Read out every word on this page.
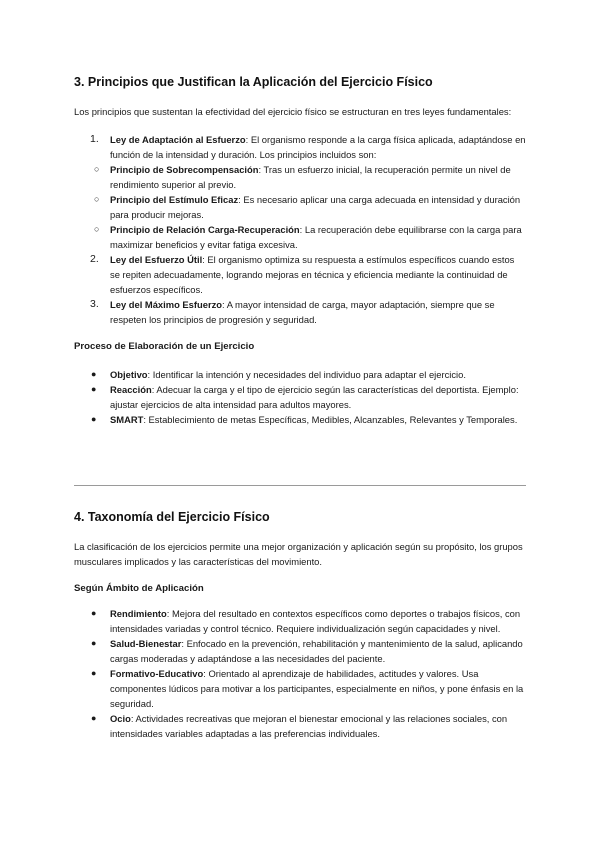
3. Principios que Justifican la Aplicación del Ejercicio Físico

Los principios que sustentan la efectividad del ejercicio físico se estructuran en tres leyes fundamentales:

1. Ley de Adaptación al Esfuerzo: El organismo responde a la carga física aplicada, adaptándose en función de la intensidad y duración. Los principios incluidos son:
○ Principio de Sobrecompensación: Tras un esfuerzo inicial, la recuperación permite un nivel de rendimiento superior al previo.
○ Principio del Estímulo Eficaz: Es necesario aplicar una carga adecuada en intensidad y duración para producir mejoras.
○ Principio de Relación Carga-Recuperación: La recuperación debe equilibrarse con la carga para maximizar beneficios y evitar fatiga excesiva.
2. Ley del Esfuerzo Útil: El organismo optimiza su respuesta a estímulos específicos cuando estos se repiten adecuadamente, logrando mejoras en técnica y eficiencia mediante la continuidad de esfuerzos específicos.
3. Ley del Máximo Esfuerzo: A mayor intensidad de carga, mayor adaptación, siempre que se respeten los principios de progresión y seguridad.
Proceso de Elaboración de un Ejercicio
● Objetivo: Identificar la intención y necesidades del individuo para adaptar el ejercicio.
● Reacción: Adecuar la carga y el tipo de ejercicio según las características del deportista. Ejemplo: ajustar ejercicios de alta intensidad para adultos mayores.
● SMART: Establecimiento de metas Específicas, Medibles, Alcanzables, Relevantes y Temporales.
4. Taxonomía del Ejercicio Físico

La clasificación de los ejercicios permite una mejor organización y aplicación según su propósito, los grupos musculares implicados y las características del movimiento.

Según Ámbito de Aplicación
● Rendimiento: Mejora del resultado en contextos específicos como deportes o trabajos físicos, con intensidades variadas y control técnico. Requiere individualización según capacidades y nivel.
● Salud-Bienestar: Enfocado en la prevención, rehabilitación y mantenimiento de la salud, aplicando cargas moderadas y adaptándose a las necesidades del paciente.
● Formativo-Educativo: Orientado al aprendizaje de habilidades, actitudes y valores. Usa componentes lúdicos para motivar a los participantes, especialmente en niños, y pone énfasis en la seguridad.
● Ocio: Actividades recreativas que mejoran el bienestar emocional y las relaciones sociales, con intensidades variables adaptadas a las preferencias individuales.
